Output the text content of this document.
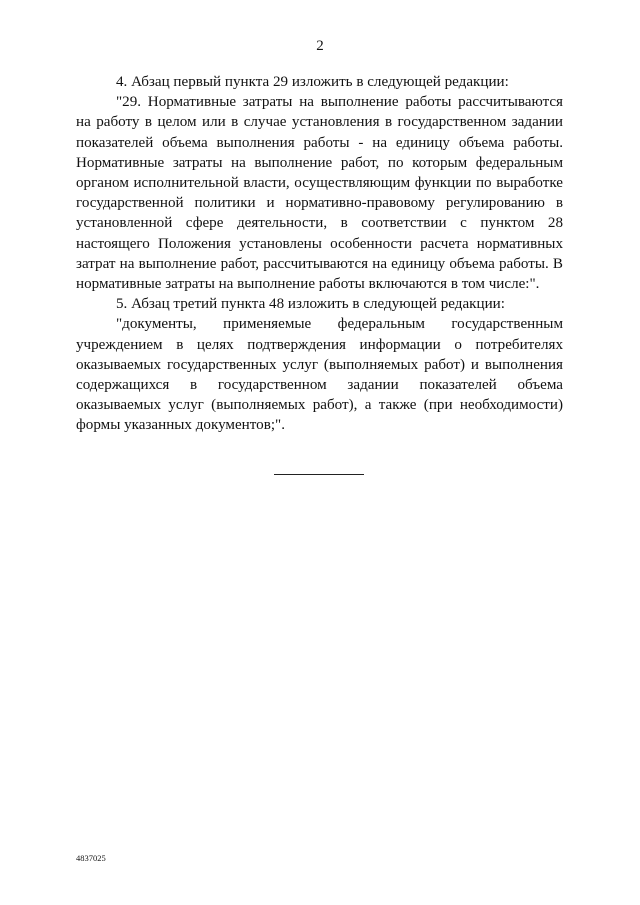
2

4. Абзац первый пункта 29 изложить в следующей редакции:

"29. Нормативные затраты на выполнение работы рассчитываются на работу в целом или в случае установления в государственном задании показателей объема выполнения работы - на единицу объема работы. Нормативные затраты на выполнение работ, по которым федеральным органом исполнительной власти, осуществляющим функции по выработке государственной политики и нормативно-правовому регулированию в установленной сфере деятельности, в соответствии с пунктом 28 настоящего Положения установлены особенности расчета нормативных затрат на выполнение работ, рассчитываются на единицу объема работы. В нормативные затраты на выполнение работы включаются в том числе:".

5. Абзац третий пункта 48 изложить в следующей редакции:

"документы, применяемые федеральным государственным учреждением в целях подтверждения информации о потребителях оказываемых государственных услуг (выполняемых работ) и выполнения содержащихся в государственном задании показателей объема оказываемых услуг (выполняемых работ), а также (при необходимости) формы указанных документов;".

4837025
